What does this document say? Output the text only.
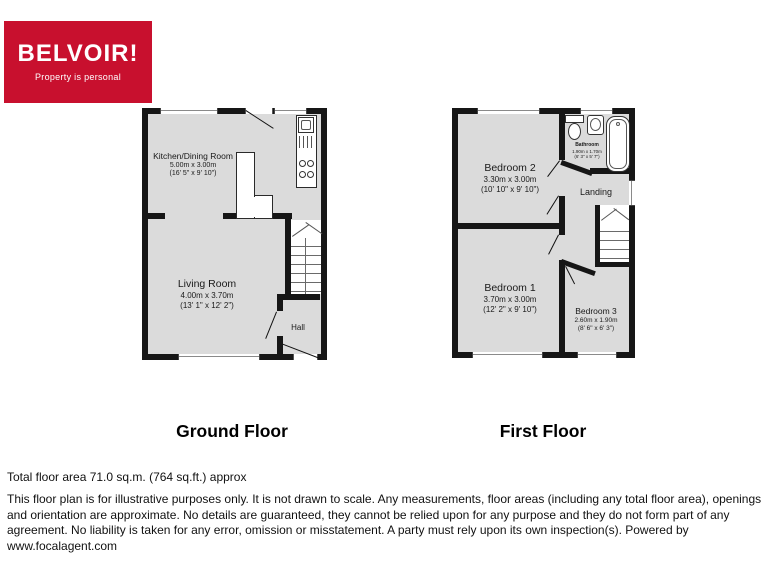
BELVOIR!
Property is personal
Kitchen/Dining Room
5.00m x 3.00m
(16' 5" x 9' 10")
Living Room
4.00m x 3.70m
(13' 1" x 12' 2")
Hall
Bedroom 2
3.30m x 3.00m
(10' 10" x 9' 10")
Bathroom
1.90m x 1.70m
(6' 3" x 5' 7")
Landing
Bedroom 1
3.70m x 3.00m
(12' 2" x 9' 10")	Bedroom 3
2.60m x 1.90m
(8' 6" x 6' 3")
Ground Floor	First Floor
Total floor area 71.0 sq.m. (764 sq.ft.) approx
This floor plan is for illustrative purposes only. It is not drawn to scale. Any measurements, floor areas (including any total floor area), openings and orientation are approximate. No details are guaranteed, they cannot be relied upon for any purpose and they do not form part of any agreement. No liability is taken for any error, omission or misstatement. A party must rely upon its own inspection(s). Powered by www.focalagent.com
